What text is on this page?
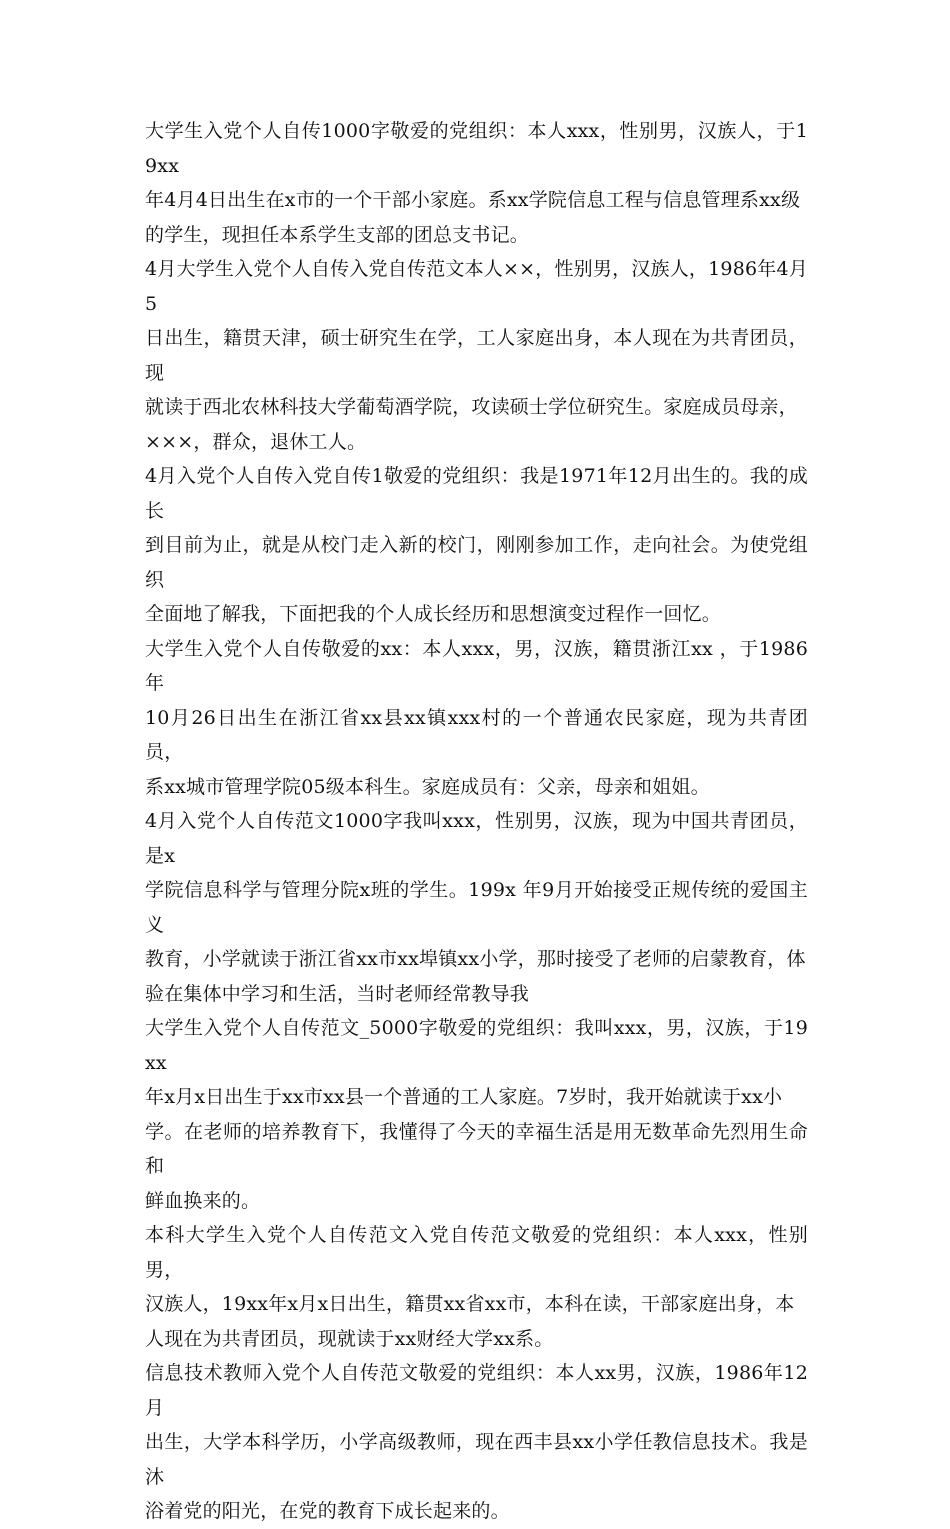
大学生入党个人自传1000字敬爱的党组织：本人xxx，性别男，汉族人，于19xx
年4月4日出生在x市的一个干部小家庭。系xx学院信息工程与信息管理系xx级
的学生，现担任本系学生支部的团总支书记。
4月大学生入党个人自传入党自传范文本人××，性别男，汉族人，1986年4月5
日出生，籍贯天津，硕士研究生在学，工人家庭出身，本人现在为共青团员，现
就读于西北农林科技大学葡萄酒学院，攻读硕士学位研究生。家庭成员母亲，
×××，群众，退休工人。
4月入党个人自传入党自传1敬爱的党组织：我是1971年12月出生的。我的成长
到目前为止，就是从校门走入新的校门，刚刚参加工作，走向社会。为使党组织
全面地了解我，下面把我的个人成长经历和思想演变过程作一回忆。
大学生入党个人自传敬爱的xx：本人xxx，男，汉族，籍贯浙江xx ，于1986年
10月26日出生在浙江省xx县xx镇xxx村的一个普通农民家庭，现为共青团员，
系xx城市管理学院05级本科生。家庭成员有：父亲，母亲和姐姐。
4月入党个人自传范文1000字我叫xxx，性别男，汉族，现为中国共青团员，是x
学院信息科学与管理分院x班的学生。199x 年9月开始接受正规传统的爱国主义
教育，小学就读于浙江省xx市xx埠镇xx小学，那时接受了老师的启蒙教育，体
验在集体中学习和生活，当时老师经常教导我
大学生入党个人自传范文_5000字敬爱的党组织：我叫xxx，男，汉族，于19xx
年x月x日出生于xx市xx县一个普通的工人家庭。7岁时，我开始就读于xx小
学。在老师的培养教育下，我懂得了今天的幸福生活是用无数革命先烈用生命和
鲜血换来的。
本科大学生入党个人自传范文入党自传范文敬爱的党组织：本人xxx，性别男，
汉族人，19xx年x月x日出生，籍贯xx省xx市，本科在读，干部家庭出身，本
人现在为共青团员，现就读于xx财经大学xx系。
信息技术教师入党个人自传范文敬爱的党组织：本人xx男，汉族，1986年12月
出生，大学本科学历，小学高级教师，现在西丰县xx小学任教信息技术。我是沐
浴着党的阳光，在党的教育下成长起来的。
